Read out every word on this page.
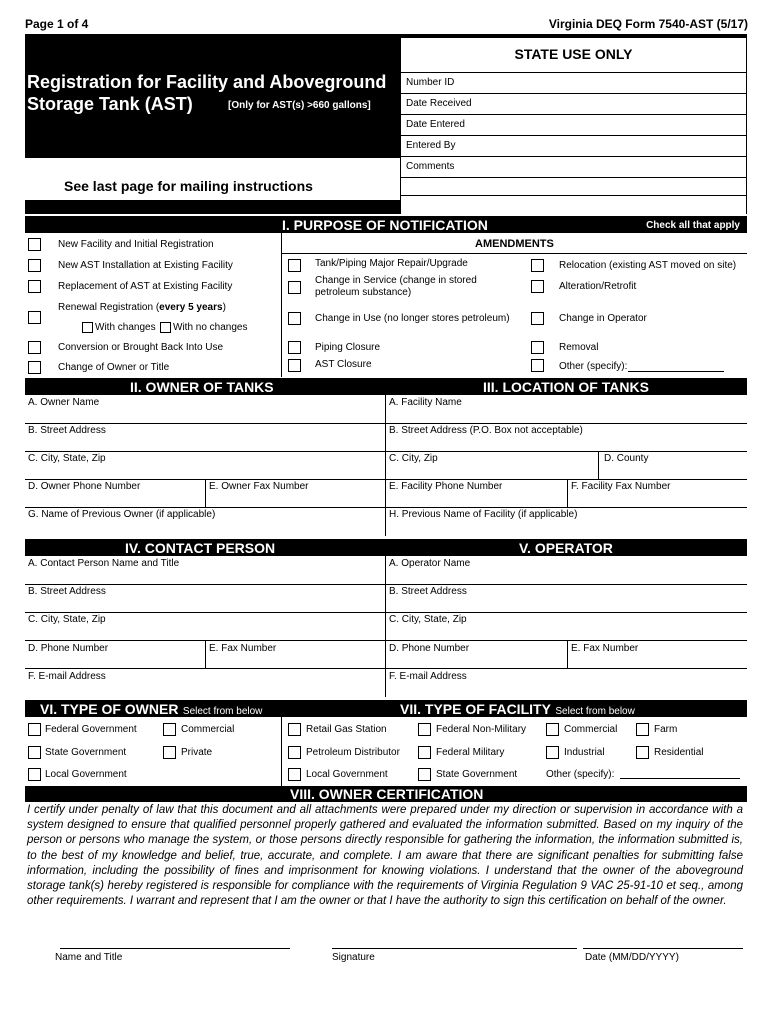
Page 1 of 4	Virginia DEQ Form 7540-AST (5/17)
Registration for Facility and Aboveground
Storage Tank (AST)	[Only for AST(s) >660 gallons]
See last page for mailing instructions
STATE USE ONLY
Number ID
Date Received
Date Entered
Entered By
Comments
I. PURPOSE OF NOTIFICATION	Check all that apply
AMENDMENTS
New Facility and Initial Registration
New AST Installation at Existing Facility
Replacement of AST at Existing Facility
Renewal Registration (every 5 years)
With changes With no changes
Conversion or Brought Back Into Use
Change of Owner or Title
Tank/Piping Major Repair/Upgrade
Change in Service (change in stored
petroleum substance)
Change in Use (no longer stores petroleum)
Piping Closure
AST Closure
Relocation (existing AST moved on site)
Alteration/Retrofit
Change in Operator
Removal
Other (specify):
II. OWNER OF TANKS	III. LOCATION OF TANKS
A. Owner Name
B. Street Address
C. City, State, Zip
D. Owner Phone Number	E. Owner Fax Number
G. Name of Previous Owner (if applicable)
A. Facility Name
B. Street Address (P.O. Box not acceptable)
C. City, Zip	D. County
E. Facility Phone Number	F. Facility Fax Number
H. Previous Name of Facility (if applicable)
IV. CONTACT PERSON	V. OPERATOR
A. Contact Person Name and Title
B. Street Address
C. City, State, Zip
D. Phone Number	E. Fax Number
F. E-mail Address
A. Operator Name
B. Street Address
C. City, State, Zip
D. Phone Number	E. Fax Number
F. E-mail Address
VI. TYPE OF OWNER Select from below	VII. TYPE OF FACILITY Select from below
Federal Government	Commercial
State Government	Private
Local Government
Retail Gas Station	Federal Non-Military	Commercial	Farm
Petroleum Distributor	Federal Military	Industrial	Residential
Local Government	State Government	Other (specify):
VIII. OWNER CERTIFICATION
I certify under penalty of law that this document and all attachments were prepared under my direction or supervision in accordance with a system designed to ensure that qualified personnel properly gathered and evaluated the information submitted. Based on my inquiry of the person or persons who manage the system, or those persons directly responsible for gathering the information, the information submitted is, to the best of my knowledge and belief, true, accurate, and complete. I am aware that there are significant penalties for submitting false information, including the possibility of fines and imprisonment for knowing violations. I understand that the owner of the aboveground storage tank(s) hereby registered is responsible for compliance with the requirements of Virginia Regulation 9 VAC 25-91-10 et seq., among other requirements. I warrant and represent that I am the owner or that I have the authority to sign this certification on behalf of the owner.
Name and Title	Signature	Date (MM/DD/YYYY)
